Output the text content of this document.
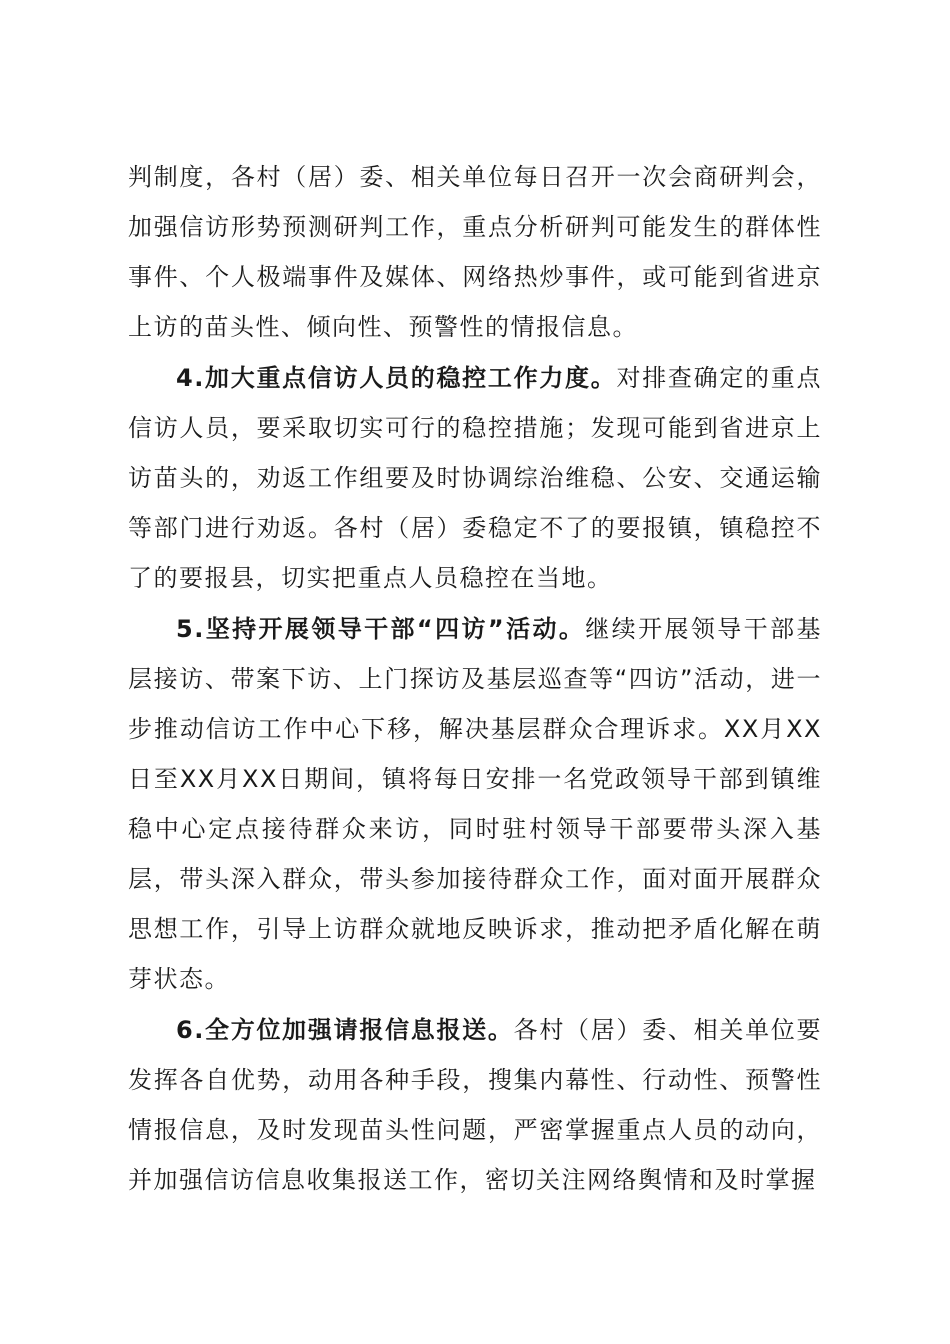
判制度，各村（居）委、相关单位每日召开一次会商研判会，加强信访形势预测研判工作，重点分析研判可能发生的群体性事件、个人极端事件及媒体、网络热炒事件，或可能到省进京上访的苗头性、倾向性、预警性的情报信息。

4.加大重点信访人员的稳控工作力度。对排查确定的重点信访人员，要采取切实可行的稳控措施；发现可能到省进京上访苗头的，劝返工作组要及时协调综治维稳、公安、交通运输等部门进行劝返。各村（居）委稳定不了的要报镇，镇稳控不了的要报县，切实把重点人员稳控在当地。

5.坚持开展领导干部“四访”活动。继续开展领导干部基层接访、带案下访、上门探访及基层巡查等“四访”活动，进一步推动信访工作中心下移，解决基层群众合理诉求。XX月XX日至XX月XX日期间，镇将每日安排一名党政领导干部到镇维稳中心定点接待群众来访，同时驻村领导干部要带头深入基层，带头深入群众，带头参加接待群众工作，面对面开展群众思想工作，引导上访群众就地反映诉求，推动把矛盾化解在萌芽状态。

6.全方位加强请报信息报送。各村（居）委、相关单位要发挥各自优势，动用各种手段，搜集内幕性、行动性、预警性情报信息，及时发现苗头性问题，严密掌握重点人员的动向，并加强信访信息收集报送工作，密切关注网络舆情和及时掌握
